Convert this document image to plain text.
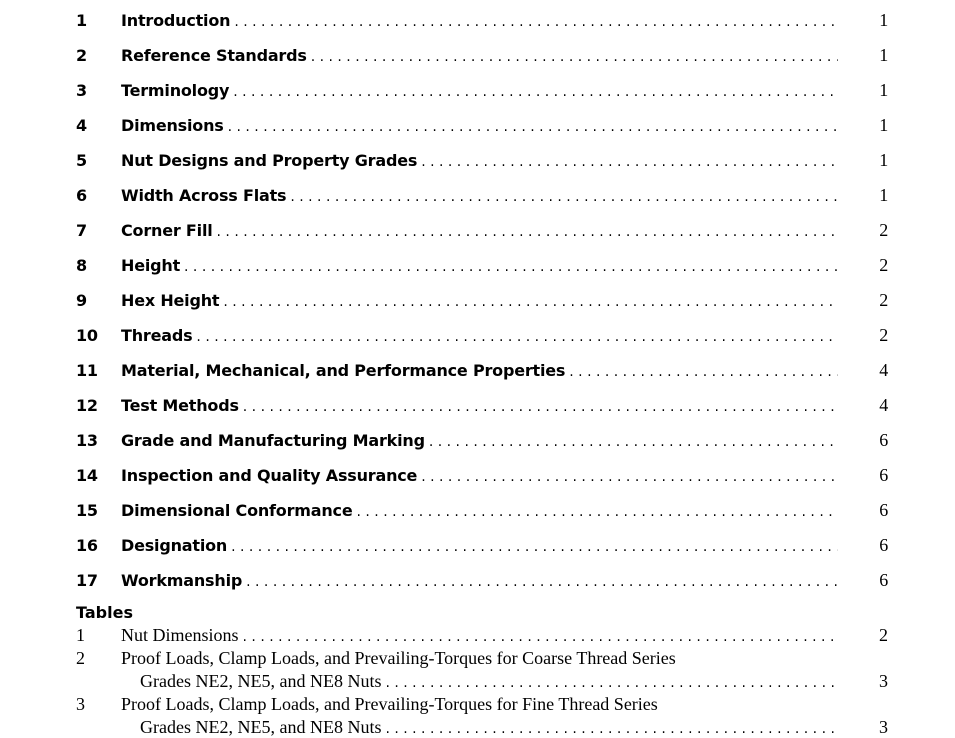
1	Introduction . . .	1
2	Reference Standards . . .	1
3	Terminology . . .	1
4	Dimensions . . .	1
5	Nut Designs and Property Grades . . .	1
6	Width Across Flats . . .	1
7	Corner Fill . . .	2
8	Height . . .	2
9	Hex Height . . .	2
10	Threads . . .	2
11	Material, Mechanical, and Performance Properties . . .	4
12	Test Methods . . .	4
13	Grade and Manufacturing Marking . . .	6
14	Inspection and Quality Assurance . . .	6
15	Dimensional Conformance . . .	6
16	Designation . . .	6
17	Workmanship . . .	6
Tables
1	Nut Dimensions . . .	2
2	Proof Loads, Clamp Loads, and Prevailing-Torques for Coarse Thread Series
Grades NE2, NE5, and NE8 Nuts . . .	3
3	Proof Loads, Clamp Loads, and Prevailing-Torques for Fine Thread Series
Grades NE2, NE5, and NE8 Nuts . . .	3
